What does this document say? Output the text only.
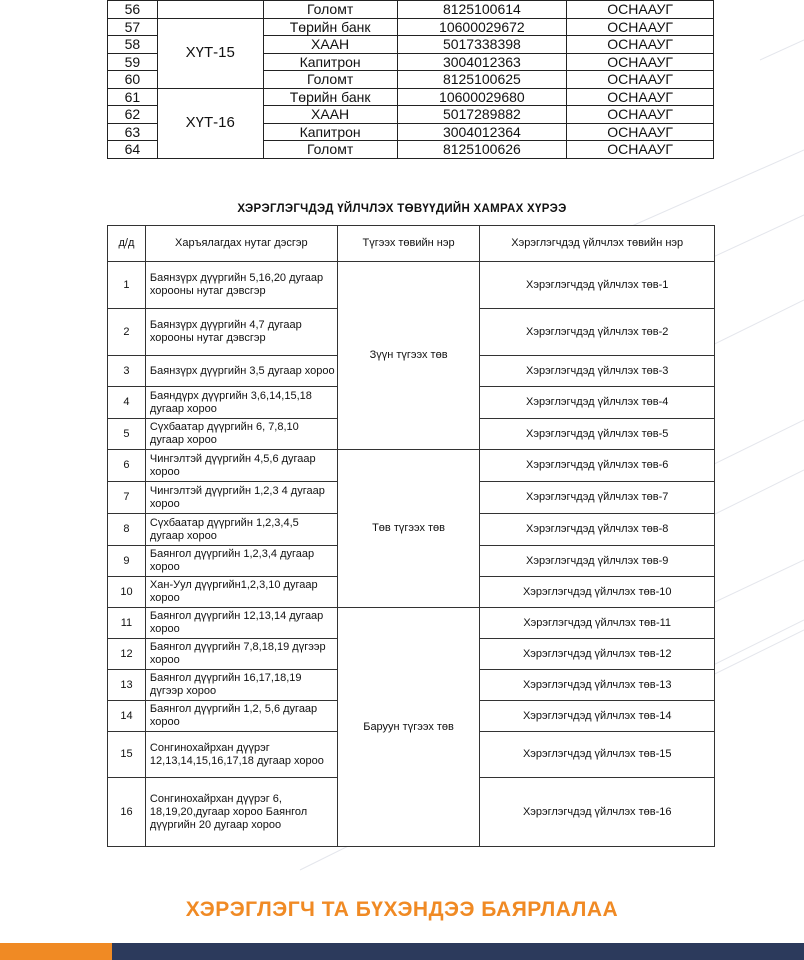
56		Голомт	8125100614	ОСНААУГ
57	ХҮТ-15	Төрийн банк	10600029672	ОСНААУГ
58		ХААН	5017338398	ОСНААУГ
59		Капитрон	3004012363	ОСНААУГ
60		Голомт	8125100625	ОСНААУГ
61	ХҮТ-16	Төрийн банк	10600029680	ОСНААУГ
62		ХААН	5017289882	ОСНААУГ
63		Капитрон	3004012364	ОСНААУГ
64		Голомт	8125100626	ОСНААУГ
ХЭРЭГЛЭГЧДЭД ҮЙЛЧЛЭХ ТӨВҮҮДИЙН ХАМРАХ ХҮРЭЭ
д/д	Харъялагдах нутаг дэсгэр	Түгээх төвийн нэр	Хэрэглэгчдэд үйлчлэх төвийн нэр
1	Баянзүрх дүүргийн 5,16,20 дугаар хорооны нутаг дэвсгэр	Зүүн түгээх төв	Хэрэглэгчдэд үйлчлэх төв-1
2	Баянзүрх дүүргийн 4,7 дугаар хорооны нутаг дэвсгэр		Хэрэглэгчдэд үйлчлэх төв-2
3	Баянзүрх дүүргийн 3,5 дугаар хороо		Хэрэглэгчдэд үйлчлэх төв-3
4	Баяндүрх дүүргийн 3,6,14,15,18 дугаар хороо		Хэрэглэгчдэд үйлчлэх төв-4
5	Сүхбаатар дүүргийн 6, 7,8,10 дугаар хороо		Хэрэглэгчдэд үйлчлэх төв-5
6	Чингэлтэй дүүргийн 4,5,6 дугаар хороо	Төв түгээх төв	Хэрэглэгчдэд үйлчлэх төв-6
7	Чингэлтэй дүүргийн 1,2,3 4 дугаар хороо		Хэрэглэгчдэд үйлчлэх төв-7
8	Сүхбаатар дүүргийн 1,2,3,4,5 дугаар хороо		Хэрэглэгчдэд үйлчлэх төв-8
9	Баянгол дүүргийн 1,2,3,4 дугаар хороо		Хэрэглэгчдэд үйлчлэх төв-9
10	Хан-Уул дүүргийн1,2,3,10 дугаар хороо		Хэрэглэгчдэд үйлчлэх төв-10
11	Баянгол дүүргийн 12,13,14 дугаар хороо	Баруун түгээх төв	Хэрэглэгчдэд үйлчлэх төв-11
12	Баянгол дүүргийн 7,8,18,19 дүгээр хороо		Хэрэглэгчдэд үйлчлэх төв-12
13	Баянгол дүүргийн 16,17,18,19 дүгээр хороо		Хэрэглэгчдэд үйлчлэх төв-13
14	Баянгол дүүргийн 1,2, 5,6 дугаар хороо		Хэрэглэгчдэд үйлчлэх төв-14
15	Сонгинохайрхан дүүрэг 12,13,14,15,16,17,18 дугаар хороо		Хэрэглэгчдэд үйлчлэх төв-15
16	Сонгинохайрхан дүүрэг 6, 18,19,20,дугаар хороо Баянгол дүүргийн 20 дугаар хороо		Хэрэглэгчдэд үйлчлэх төв-16
ХЭРЭГЛЭГЧ ТА БҮХЭНДЭЭ БАЯРЛАЛАА
